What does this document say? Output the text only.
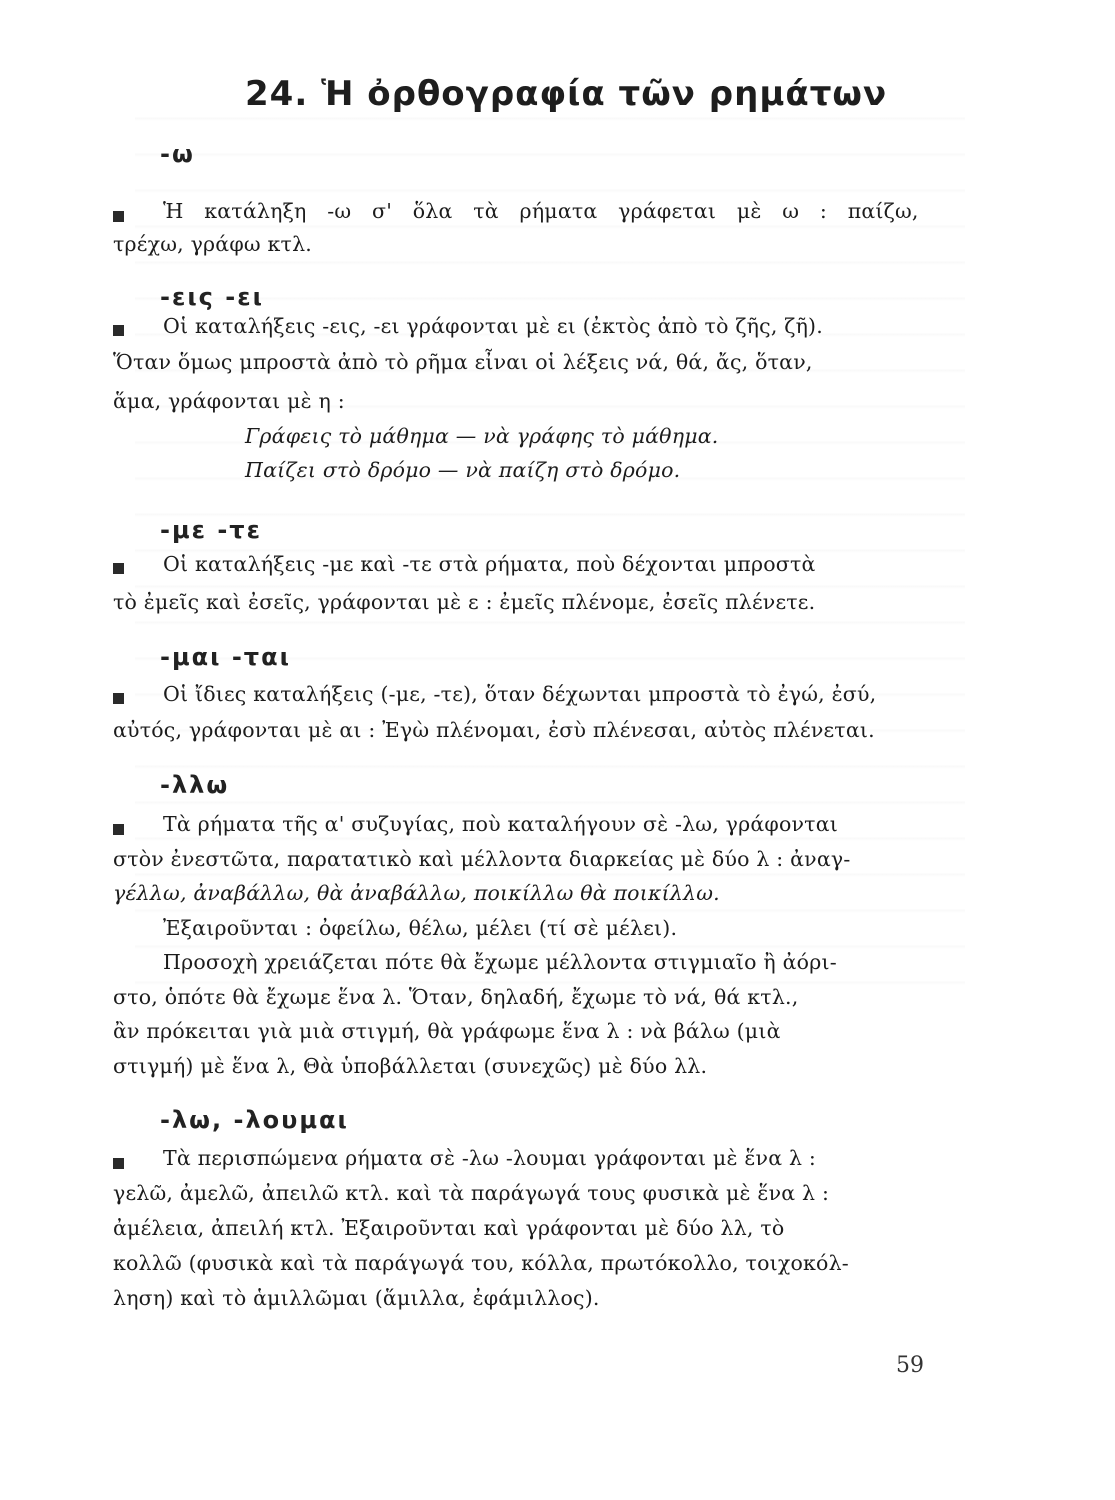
24. Ἡ ὀρθογραφία τῶν ρημάτων
-ω
Ἡ κατάληξη -ω σ' ὅλα τὰ ρήματα γράφεται μὲ ω : παίζω,
τρέχω, γράφω κτλ.
-εις -ει
Οἱ καταλήξεις -εις, -ει γράφονται μὲ ει (ἐκτὸς ἀπὸ τὸ ζῆς, ζῆ).
Ὅταν ὅμως μπροστὰ ἀπὸ τὸ ρῆμα εἶναι οἱ λέξεις νά, θά, ἄς, ὅταν,
ἅμα, γράφονται μὲ η :
Γράφεις τὸ μάθημα — νὰ γράφης τὸ μάθημα.
Παίζει στὸ δρόμο — νὰ παίζη στὸ δρόμο.
-με -τε
Οἱ καταλήξεις -με καὶ -τε στὰ ρήματα, ποὺ δέχονται μπροστὰ
τὸ ἐμεῖς καὶ ἐσεῖς, γράφονται μὲ ε : ἐμεῖς πλένομε, ἐσεῖς πλένετε.
-μαι -ται
Οἱ ἴδιες καταλήξεις (-με, -τε), ὅταν δέχωνται μπροστὰ τὸ ἐγώ, ἐσύ,
αὐτός, γράφονται μὲ αι : Ἐγὼ πλένομαι, ἐσὺ πλένεσαι, αὐτὸς πλένεται.
-λλω
Τὰ ρήματα τῆς α' συζυγίας, ποὺ καταλήγουν σὲ -λω, γράφονται
στὸν ἐνεστῶτα, παρατατικὸ καὶ μέλλοντα διαρκείας μὲ δύο λ : ἀναγ-
γέλλω, ἀναβάλλω, θὰ ἀναβάλλω, ποικίλλω θὰ ποικίλλω.
Ἐξαιροῦνται : ὀφείλω, θέλω, μέλει (τί σὲ μέλει).
Προσοχὴ χρειάζεται πότε θὰ ἔχωμε μέλλοντα στιγμιαῖο ἢ ἀόρι-
στο, ὁπότε θὰ ἔχωμε ἕνα λ. Ὅταν, δηλαδή, ἔχωμε τὸ νά, θά κτλ.,
ἂν πρόκειται γιὰ μιὰ στιγμή, θὰ γράφωμε ἕνα λ : νὰ βάλω (μιὰ
στιγμή) μὲ ἕνα λ, Θὰ ὑποβάλλεται (συνεχῶς) μὲ δύο λλ.
-λω, -λουμαι
Τὰ περισπώμενα ρήματα σὲ -λω -λουμαι γράφονται μὲ ἕνα λ :
γελῶ, ἀμελῶ, ἀπειλῶ κτλ. καὶ τὰ παράγωγά τους φυσικὰ μὲ ἕνα λ :
ἀμέλεια, ἀπειλή κτλ. Ἐξαιροῦνται καὶ γράφονται μὲ δύο λλ, τὸ
κολλῶ (φυσικὰ καὶ τὰ παράγωγά του, κόλλα, πρωτόκολλο, τοιχοκόλ-
ληση) καὶ τὸ ἁμιλλῶμαι (ἅμιλλα, ἐφάμιλλος).
59
